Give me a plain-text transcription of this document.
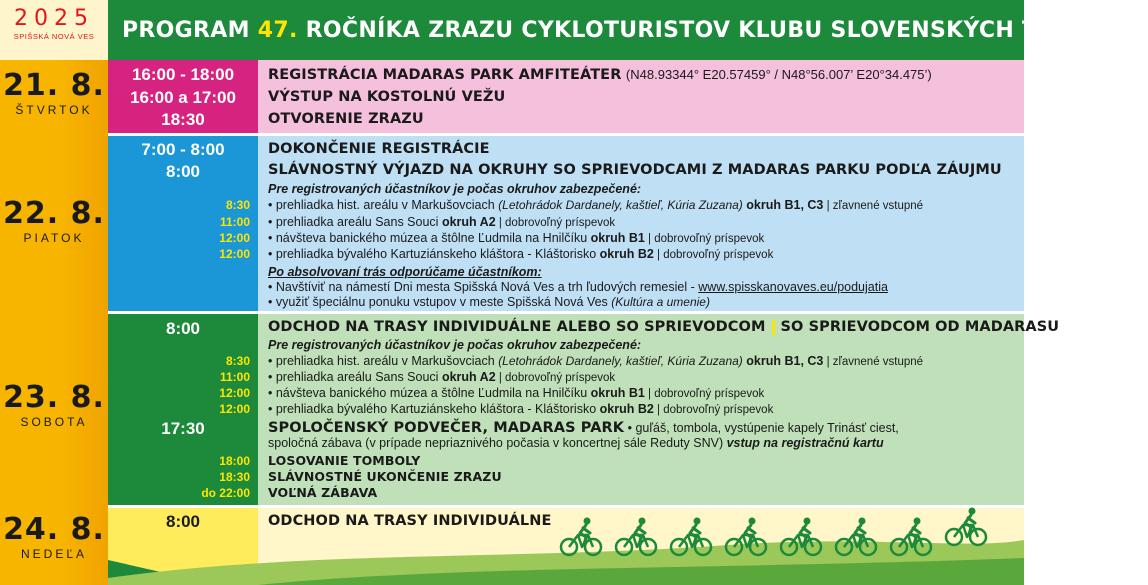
2025
SPIŠSKÁ NOVÁ VES
21. 8.
ŠTVRTOK
22. 8.
PIATOK
23. 8.
SOBOTA
24. 8.
NEDEĽA
PROGRAM 47. ROČNÍKA ZRAZU CYKLOTURISTOV KLUBU SLOVENSKÝCH TURISTOV
16:00 - 18:00
16:00 a 17:00
18:30
REGISTRÁCIA MADARAS PARK AMFITEÁTER (N48.93344° E20.57459° / N48°56.007’ E20°34.475’)
VÝSTUP NA KOSTOLNÚ VEŽU
OTVORENIE ZRAZU
7:00 - 8:00
8:00
8:30
11:00
12:00
12:00
DOKONČENIE REGISTRÁCIE
SLÁVNOSTNÝ VÝJAZD NA OKRUHY SO SPRIEVODCAMI Z MADARAS PARKU PODĽA ZÁUJMU
Pre registrovaných účastníkov je počas okruhov zabezpečené:
• prehliadka hist. areálu v Markušovciach (Letohrádok Dardanely, kaštieľ, Kúria Zuzana) okruh B1, C3 | zľavnené vstupné
• prehliadka areálu Sans Souci okruh A2 | dobrovoľný príspevok
• návšteva banického múzea a štôlne Ľudmila na Hnilčíku okruh B1 | dobrovoľný príspevok
• prehliadka bývalého Kartuziánskeho kláštora - Kláštorisko okruh B2 | dobrovoľný príspevok
Po absolvovaní trás odporúčame účastníkom:
• Navštíviť na námestí Dni mesta Spišská Nová Ves a trh ľudových remesiel - www.spisskanovaves.eu/podujatia
• využiť špeciálnu ponuku vstupov v meste Spišská Nová Ves (Kultúra a umenie)
8:00
8:30
11:00
12:00
12:00
17:30
18:00
18:30
do 22:00
ODCHOD NA TRASY INDIVIDUÁLNE ALEBO SO SPRIEVODCOM SO SPRIEVODCOM OD MADARASU
Pre registrovaných účastníkov je počas okruhov zabezpečené:
• prehliadka hist. areálu v Markušovciach (Letohrádok Dardanely, kaštieľ, Kúria Zuzana) okruh B1, C3 | zľavnené vstupné
• prehliadka areálu Sans Souci okruh A2 | dobrovoľný príspevok
• návšteva banického múzea a štôlne Ľudmila na Hnilčíku okruh B1 | dobrovoľný príspevok
• prehliadka bývalého Kartuziánskeho kláštora - Kláštorisko okruh B2 | dobrovoľný príspevok
SPOLOČENSKÝ PODVEČER, MADARAS PARK • guľáš, tombola, vystúpenie kapely Trinásť ciest,
spoločná zábava (v prípade nepriaznivého počasia v koncertnej sále Reduty SNV) vstup na registračnú kartu
LOSOVANIE TOMBOLY
SLÁVNOSTNÉ UKONČENIE ZRAZU
VOĽNÁ ZÁBAVA
8:00	ODCHOD NA TRASY INDIVIDUÁLNE
